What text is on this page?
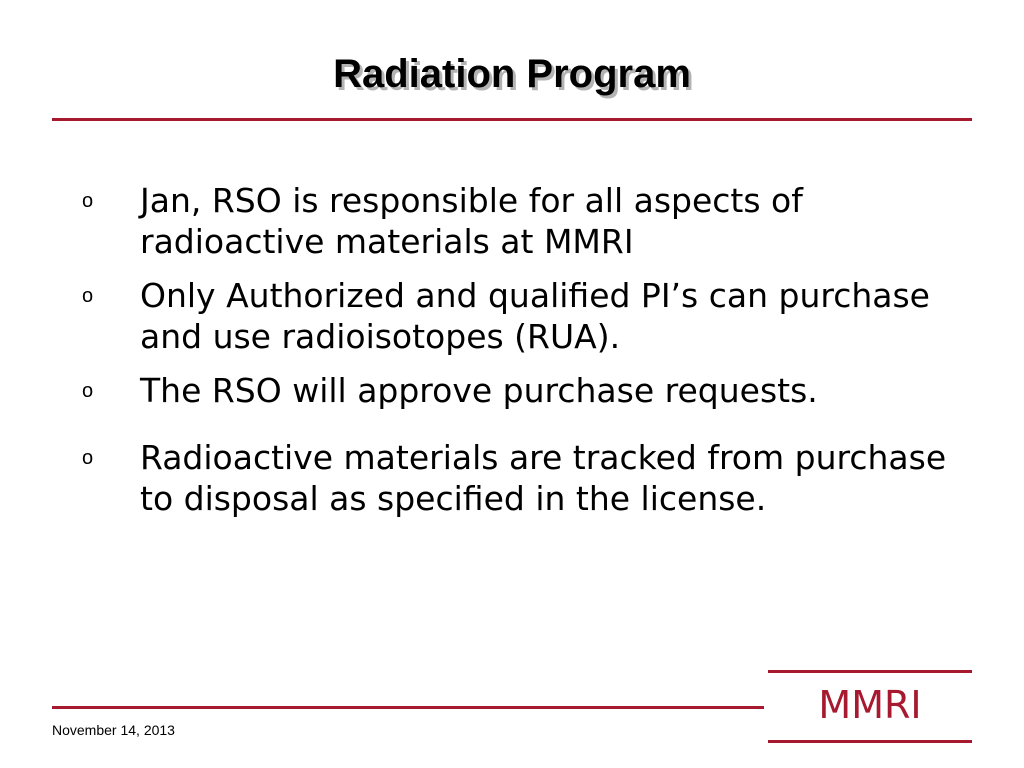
Radiation Program
o Jan, RSO is responsible for all aspects of radioactive materials at MMRI
o Only Authorized and qualified PI’s can purchase and use radioisotopes (RUA).
o The RSO will approve purchase requests.
o Radioactive materials are tracked from purchase to disposal as specified in the license.
MMRI
November 14, 2013
